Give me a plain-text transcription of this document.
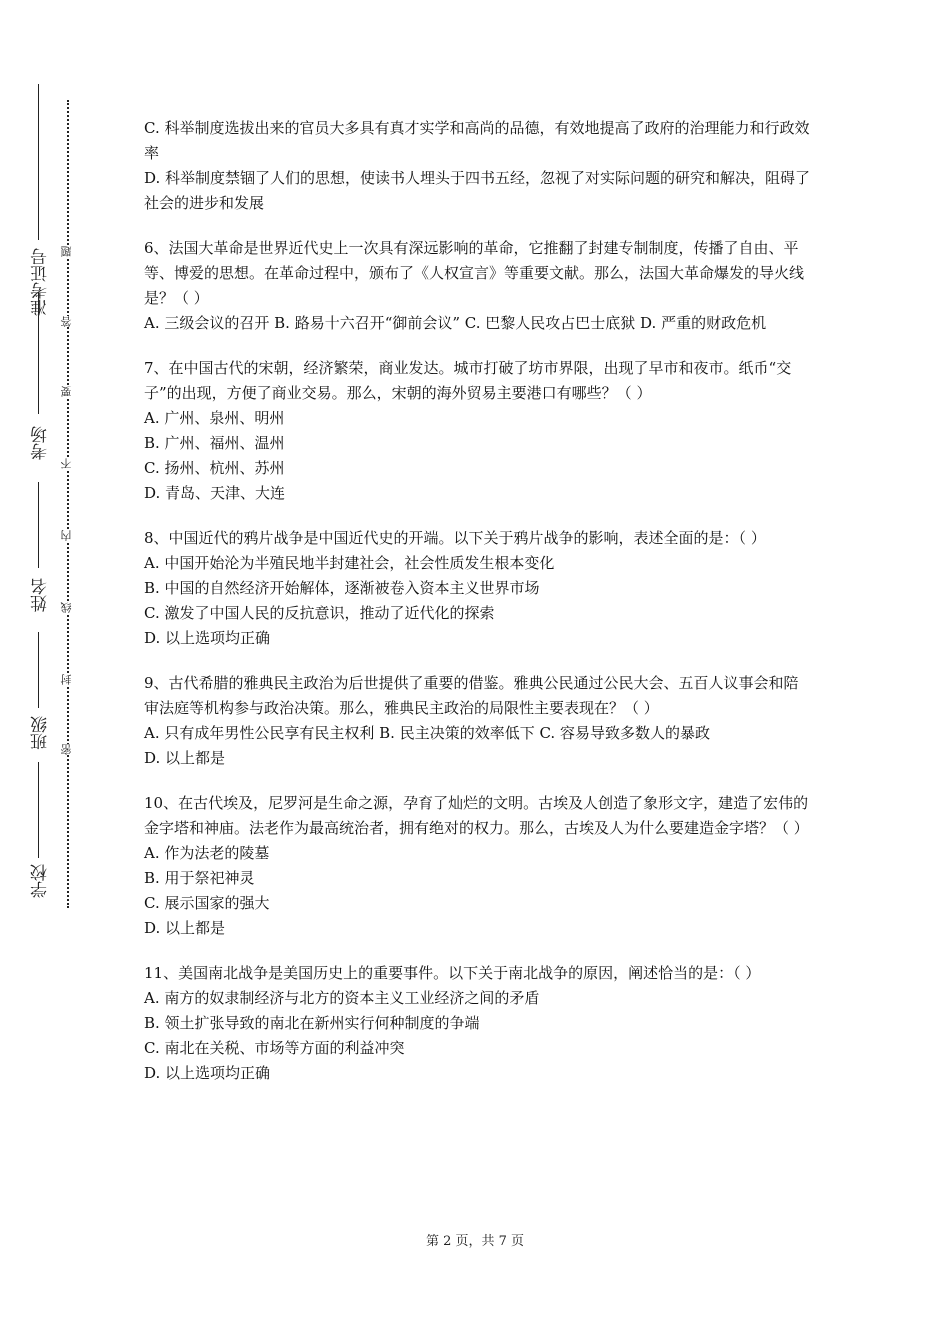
准考证号
考场
姓名
班级
学校
题
答
要
不
内
线
封
密

C. 科举制度选拔出来的官员大多具有真才实学和高尚的品德，有效地提高了政府的治理能力和行政效率

D. 科举制度禁锢了人们的思想，使读书人埋头于四书五经，忽视了对实际问题的研究和解决，阻碍了社会的进步和发展

6、法国大革命是世界近代史上一次具有深远影响的革命，它推翻了封建专制制度，传播了自由、平等、博爱的思想。在革命过程中，颁布了《人权宣言》等重要文献。那么，法国大革命爆发的导火线是？（ ）

A. 三级会议的召开 B. 路易十六召开“御前会议” C. 巴黎人民攻占巴士底狱 D. 严重的财政危机

7、在中国古代的宋朝，经济繁荣，商业发达。城市打破了坊市界限，出现了早市和夜市。纸币“交子”的出现，方便了商业交易。那么，宋朝的海外贸易主要港口有哪些？（ ）

A. 广州、泉州、明州

B. 广州、福州、温州

C. 扬州、杭州、苏州

D. 青岛、天津、大连

8、中国近代的鸦片战争是中国近代史的开端。以下关于鸦片战争的影响，表述全面的是：（ ）

A. 中国开始沦为半殖民地半封建社会，社会性质发生根本变化

B. 中国的自然经济开始解体，逐渐被卷入资本主义世界市场

C. 激发了中国人民的反抗意识，推动了近代化的探索

D. 以上选项均正确

9、古代希腊的雅典民主政治为后世提供了重要的借鉴。雅典公民通过公民大会、五百人议事会和陪审法庭等机构参与政治决策。那么，雅典民主政治的局限性主要表现在？（ ）

A. 只有成年男性公民享有民主权利 B. 民主决策的效率低下 C. 容易导致多数人的暴政

D. 以上都是

10、在古代埃及，尼罗河是生命之源，孕育了灿烂的文明。古埃及人创造了象形文字，建造了宏伟的金字塔和神庙。法老作为最高统治者，拥有绝对的权力。那么，古埃及人为什么要建造金字塔？（ ）

A. 作为法老的陵墓

B. 用于祭祀神灵

C. 展示国家的强大

D. 以上都是

11、美国南北战争是美国历史上的重要事件。以下关于南北战争的原因，阐述恰当的是：（ ）

A. 南方的奴隶制经济与北方的资本主义工业经济之间的矛盾

B. 领土扩张导致的南北在新州实行何种制度的争端

C. 南北在关税、市场等方面的利益冲突

D. 以上选项均正确

第 2 页，共 7 页
